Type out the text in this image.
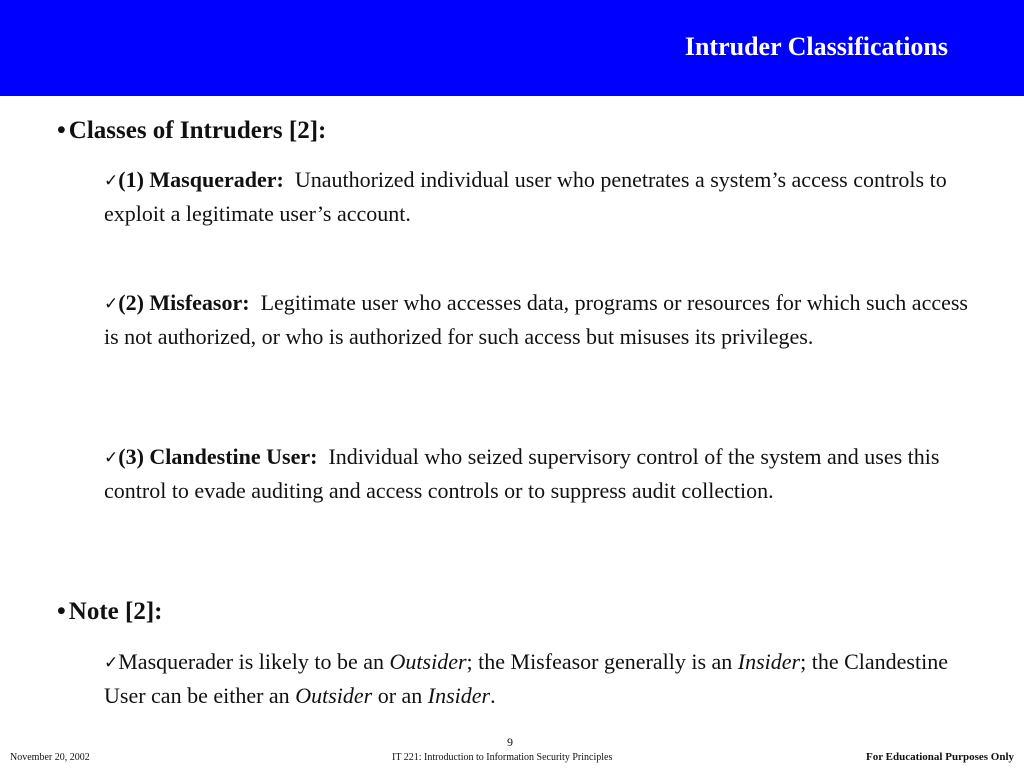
Intruder Classifications
• Classes of Intruders [2]:
✓(1) Masquerader: Unauthorized individual user who penetrates a system’s access controls to exploit a legitimate user’s account.
✓(2) Misfeasor: Legitimate user who accesses data, programs or resources for which such access is not authorized, or who is authorized for such access but misuses its privileges.
✓(3) Clandestine User: Individual who seized supervisory control of the system and uses this control to evade auditing and access controls or to suppress audit collection.
• Note [2]:
✓Masquerader is likely to be an Outsider; the Misfeasor generally is an Insider; the Clandestine User can be either an Outsider or an Insider.
9
November 20, 2002	IT 221: Introduction to Information Security Principles	For Educational Purposes Only
